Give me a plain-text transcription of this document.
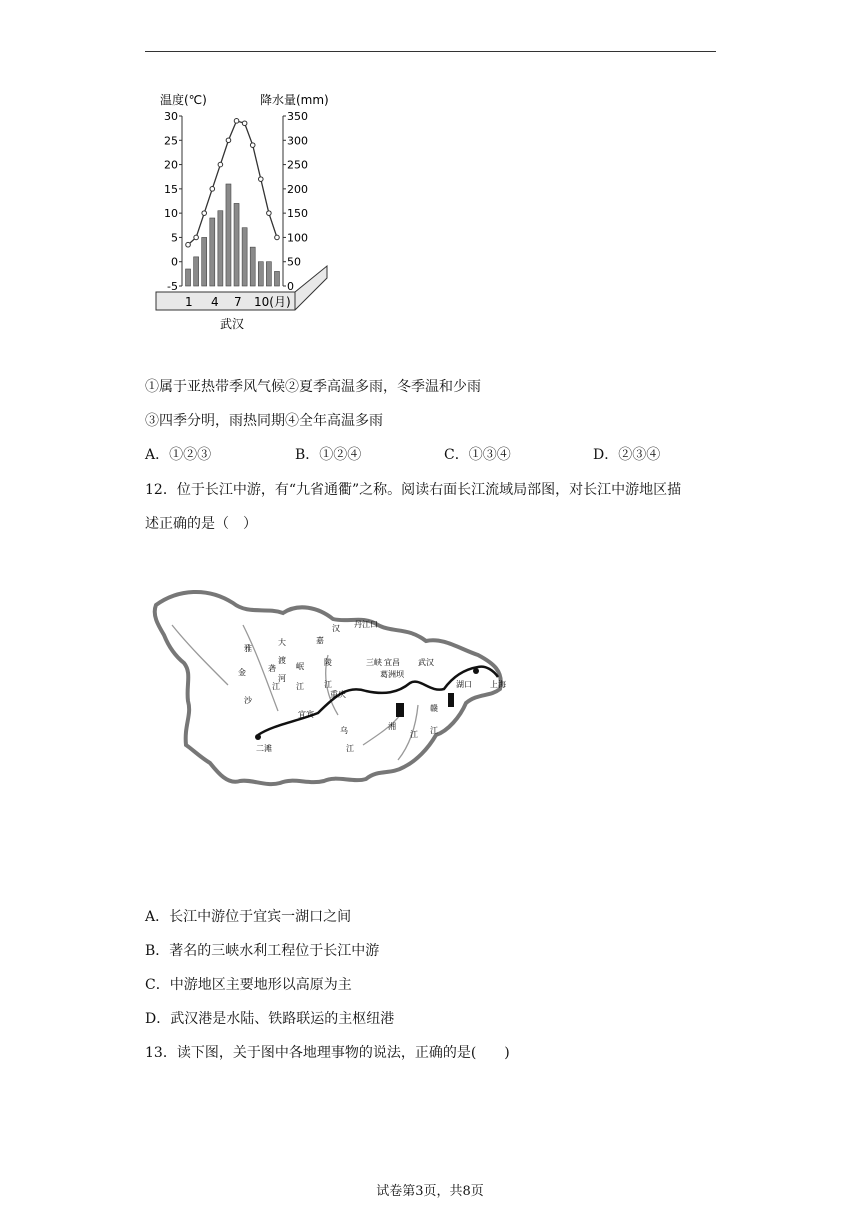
温度(℃)	降水量(mm)
30
25
20
15
10
5
0
-5
350
300
250
200
150
100
50
0
1 4 7 10(月)
武汉
①属于亚热带季风气候②夏季高温多雨，冬季温和少雨
③四季分明，雨热同期④全年高温多雨
A．①②③	B．①②④	C．①③④	D．②③④
12．位于长江中游，有“九省通衢”之称。阅读右面长江流域局部图，对长江中游地区描
述正确的是（　）
雅
砻
江
金
沙
大
渡
河
岷
江
嘉
陵
江
汉 丹江口
三峡 宜昌
葛洲坝
武汉
重庆
宜宾
湘
江
赣
江
湖口 上海
乌
江
二滩
A．长江中游位于宜宾一湖口之间
B．著名的三峡水利工程位于长江中游
C．中游地区主要地形以高原为主
D．武汉港是水陆、铁路联运的主枢纽港
13．读下图，关于图中各地理事物的说法，正确的是(　　)
试卷第3页，共8页
